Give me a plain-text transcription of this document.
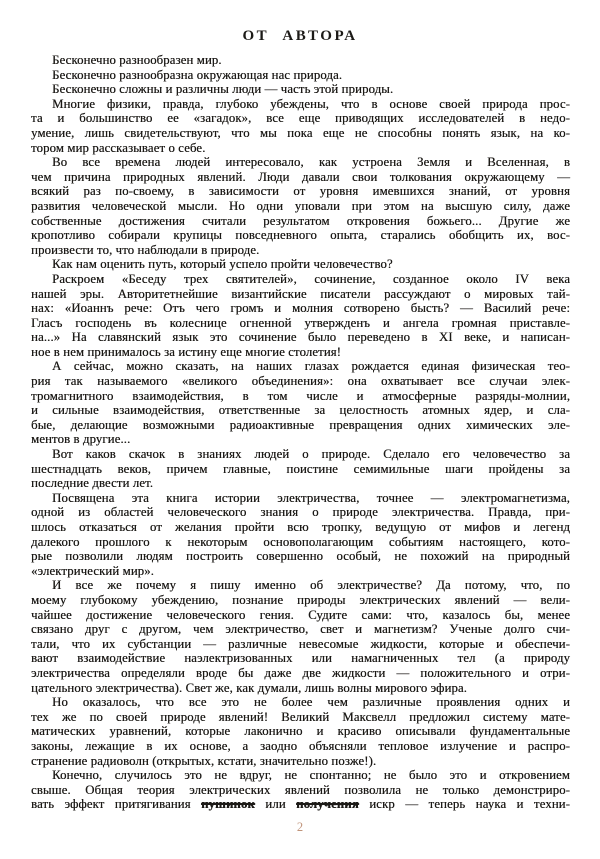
ОТ АВТОРА
Бесконечно разнообразен мир.
Бесконечно разнообразна окружающая нас природа.
Бесконечно сложны и различны люди — часть этой природы.
Многие физики, правда, глубоко убеждены, что в основе своей природа прос-
та и большинство ее «загадок», все еще приводящих исследователей в недо-
умение, лишь свидетельствуют, что мы пока еще не способны понять язык, на ко-
тором мир рассказывает о себе.
Во все времена людей интересовало, как устроена Земля и Вселенная, в
чем причина природных явлений. Люди давали свои толкования окружающему —
всякий раз по-своему, в зависимости от уровня имевшихся знаний, от уровня
развития человеческой мысли. Но одни уповали при этом на высшую силу, даже
собственные достижения считали результатом откровения божьего... Другие же
кропотливо собирали крупицы повседневного опыта, старались обобщить их, вос-
произвести то, что наблюдали в природе.
Как нам оценить путь, который успело пройти человечество?
Раскроем «Беседу трех святителей», сочинение, созданное около IV века
нашей эры. Авторитетнейшие византийские писатели рассуждают о мировых тай-
нах: «Иоаннъ рече: Отъ чего громъ и молния сотворено бысть? — Василий рече:
Гласъ господень въ колеснице огненной утвержденъ и ангела громная приставле-
на...» На славянский язык это сочинение было переведено в XI веке, и написан-
ное в нем принималось за истину еще многие столетия!
А сейчас, можно сказать, на наших глазах рождается единая физическая тео-
рия так называемого «великого объединения»: она охватывает все случаи элек-
тромагнитного взаимодействия, в том числе и атмосферные разряды-молнии,
и сильные взаимодействия, ответственные за целостность атомных ядер, и сла-
бые, делающие возможными радиоактивные превращения одних химических эле-
ментов в другие...
Вот каков скачок в знаниях людей о природе. Сделало его человечество за
шестнадцать веков, причем главные, поистине семимильные шаги пройдены за
последние двести лет.
Посвящена эта книга истории электричества, точнее — электромагнетизма,
одной из областей человеческого знания о природе электричества. Правда, при-
шлось отказаться от желания пройти всю тропку, ведущую от мифов и легенд
далекого прошлого к некоторым основополагающим событиям настоящего, кото-
рые позволили людям построить совершенно особый, не похожий на природный
«электрический мир».
И все же почему я пишу именно об электричестве? Да потому, что, по
моему глубокому убеждению, познание природы электрических явлений — вели-
чайшее достижение человеческого гения. Судите сами: что, казалось бы, менее
связано друг с другом, чем электричество, свет и магнетизм? Ученые долго счи-
тали, что их субстанции — различные невесомые жидкости, которые и обеспечи-
вают взаимодействие наэлектризованных или намагниченных тел (а природу
электричества определяли вроде бы даже две жидкости — положительного и отри-
цательного электричества). Свет же, как думали, лишь волны мирового эфира.
Но оказалось, что все это не более чем различные проявления одних и
тех же по своей природе явлений! Великий Максвелл предложил систему мате-
матических уравнений, которые лаконично и красиво описывали фундаментальные
законы, лежащие в их основе, а заодно объясняли тепловое излучение и распро-
странение радиоволн (открытых, кстати, значительно позже!).
Конечно, случилось это не вдруг, не спонтанно; не было это и откровением
свыше. Общая теория электрических явлений позволила не только демонстриро-
вать эффект притягивания пушинок или получения искр — теперь наука и техни-
2
